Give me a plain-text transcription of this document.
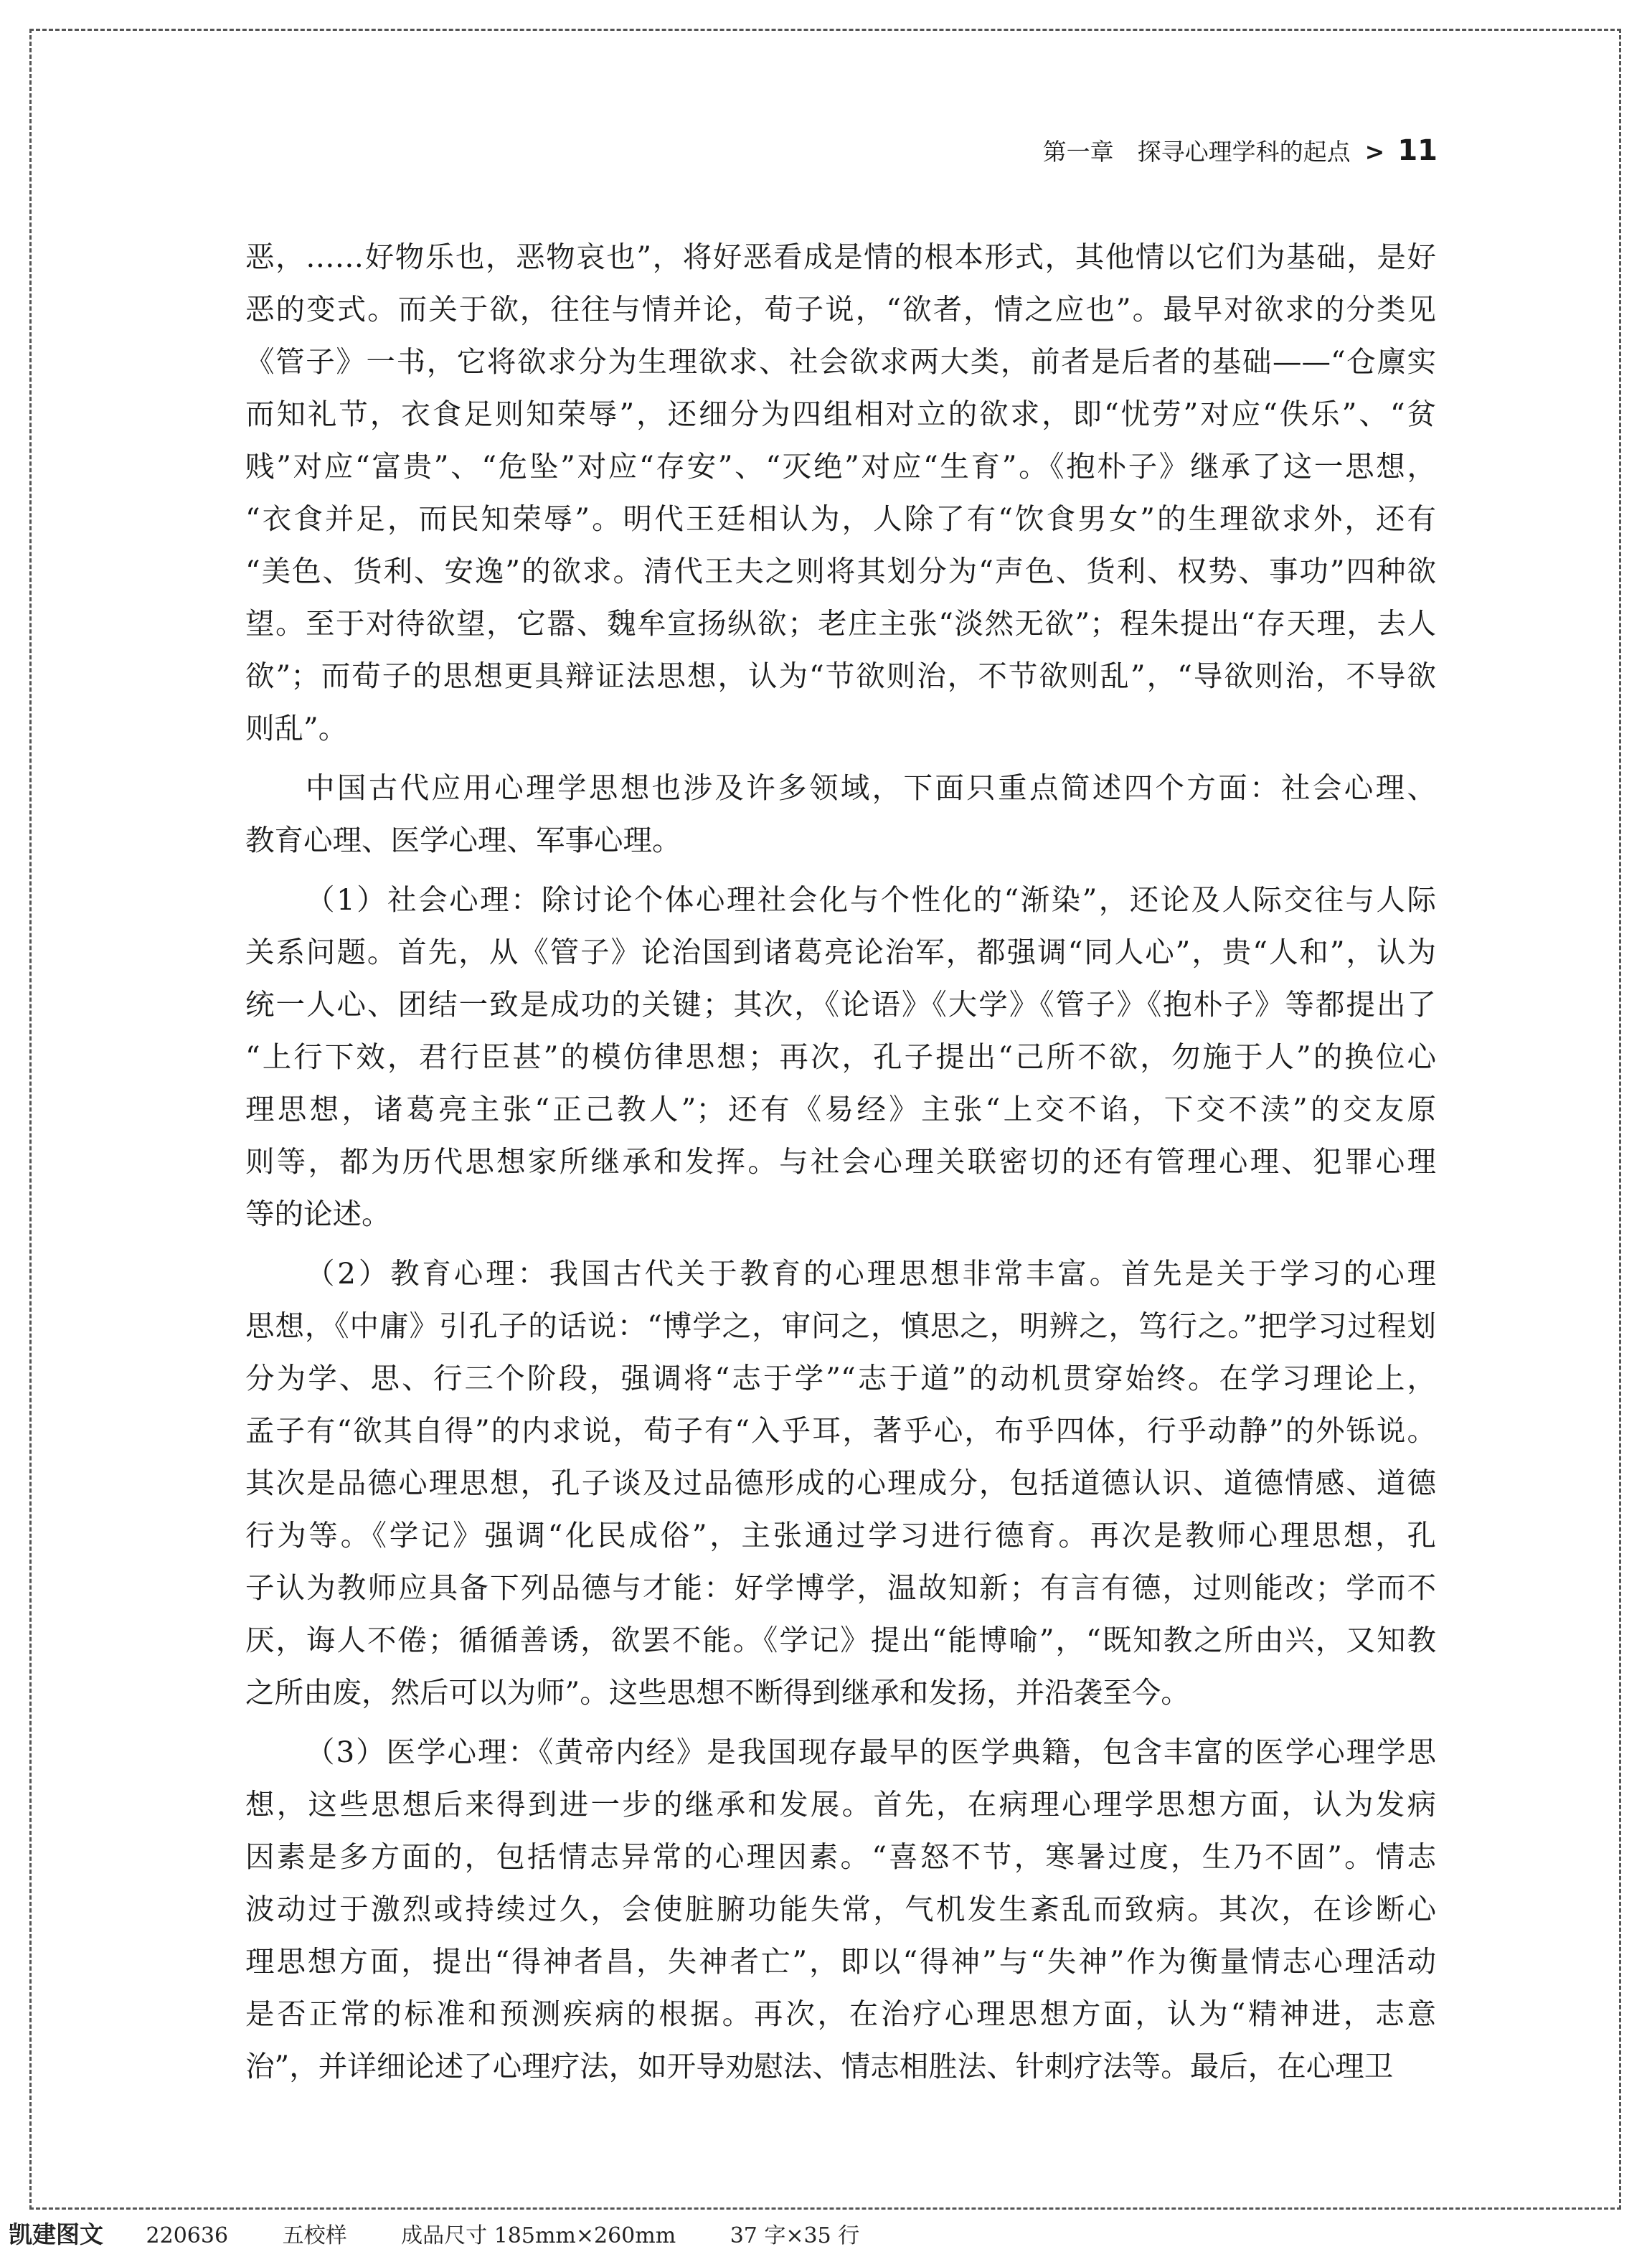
第一章　探寻心理学科的起点 > 11
恶，……好物乐也，恶物哀也”，将好恶看成是情的根本形式，其他情以它们为基础，是好
恶的变式。而关于欲，往往与情并论，荀子说，“欲者，情之应也”。最早对欲求的分类见
《管子》一书，它将欲求分为生理欲求、社会欲求两大类，前者是后者的基础——“仓廪实
而知礼节，衣食足则知荣辱”，还细分为四组相对立的欲求，即“忧劳”对应“佚乐”、“贫
贱”对应“富贵”、“危坠”对应“存安”、“灭绝”对应“生育”。《抱朴子》继承了这一思想，
“衣食并足，而民知荣辱”。明代王廷相认为，人除了有“饮食男女”的生理欲求外，还有
“美色、货利、安逸”的欲求。清代王夫之则将其划分为“声色、货利、权势、事功”四种欲
望。至于对待欲望，它嚣、魏牟宣扬纵欲；老庄主张“淡然无欲”；程朱提出“存天理，去人
欲”；而荀子的思想更具辩证法思想，认为“节欲则治，不节欲则乱”，“导欲则治，不导欲
则乱”。
中国古代应用心理学思想也涉及许多领域，下面只重点简述四个方面：社会心理、
教育心理、医学心理、军事心理。
（1）社会心理：除讨论个体心理社会化与个性化的“渐染”，还论及人际交往与人际
关系问题。首先，从《管子》论治国到诸葛亮论治军，都强调“同人心”，贵“人和”，认为
统一人心、团结一致是成功的关键；其次，《论语》《大学》《管子》《抱朴子》等都提出了
“上行下效，君行臣甚”的模仿律思想；再次，孔子提出“己所不欲，勿施于人”的换位心
理思想，诸葛亮主张“正己教人”；还有《易经》主张“上交不谄，下交不渎”的交友原
则等，都为历代思想家所继承和发挥。与社会心理关联密切的还有管理心理、犯罪心理
等的论述。
（2）教育心理：我国古代关于教育的心理思想非常丰富。首先是关于学习的心理
思想，《中庸》引孔子的话说：“博学之，审问之，慎思之，明辨之，笃行之。”把学习过程划
分为学、思、行三个阶段，强调将“志于学”“志于道”的动机贯穿始终。在学习理论上，
孟子有“欲其自得”的内求说，荀子有“入乎耳，著乎心，布乎四体，行乎动静”的外铄说。
其次是品德心理思想，孔子谈及过品德形成的心理成分，包括道德认识、道德情感、道德
行为等。《学记》强调“化民成俗”，主张通过学习进行德育。再次是教师心理思想，孔
子认为教师应具备下列品德与才能：好学博学，温故知新；有言有德，过则能改；学而不
厌，诲人不倦；循循善诱，欲罢不能。《学记》提出“能博喻”，“既知教之所由兴，又知教
之所由废，然后可以为师”。这些思想不断得到继承和发扬，并沿袭至今。
（3）医学心理：《黄帝内经》是我国现存最早的医学典籍，包含丰富的医学心理学思
想，这些思想后来得到进一步的继承和发展。首先，在病理心理学思想方面，认为发病
因素是多方面的，包括情志异常的心理因素。“喜怒不节，寒暑过度，生乃不固”。情志
波动过于激烈或持续过久，会使脏腑功能失常，气机发生紊乱而致病。其次，在诊断心
理思想方面，提出“得神者昌，失神者亡”，即以“得神”与“失神”作为衡量情志心理活动
是否正常的标准和预测疾病的根据。再次，在治疗心理思想方面，认为“精神进，志意
治”，并详细论述了心理疗法，如开导劝慰法、情志相胜法、针刺疗法等。最后，在心理卫
凯建图文 220636	五校样	成品尺寸 185mm×260mm	37 字×35 行
